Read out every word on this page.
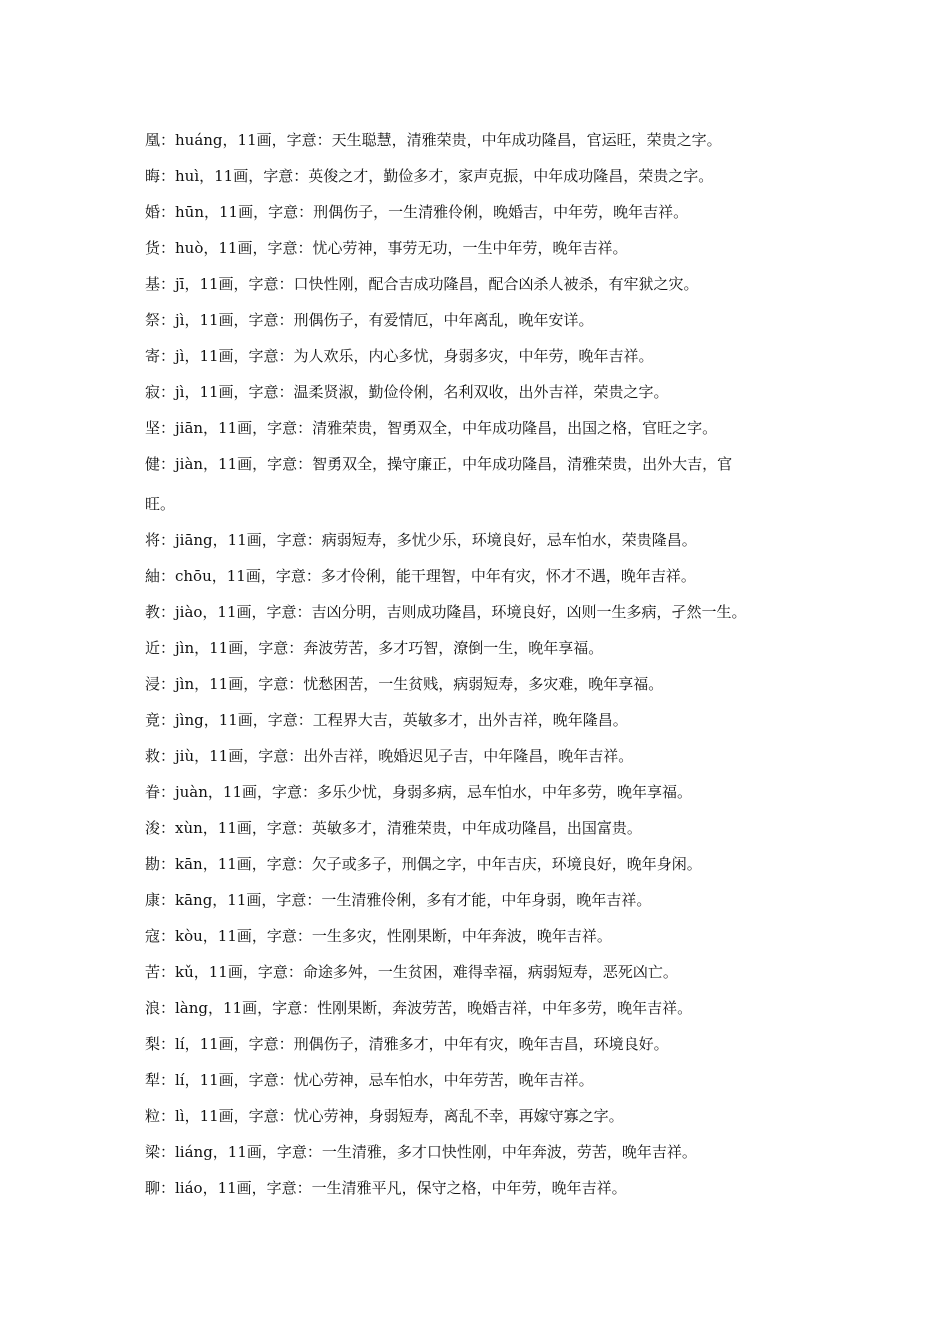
凰：huáng，11画，字意：天生聪慧，清雅荣贵，中年成功隆昌，官运旺，荣贵之字。

晦：huì，11画，字意：英俊之才，勤俭多才，家声克振，中年成功隆昌，荣贵之字。

婚：hūn，11画，字意：刑偶伤子，一生清雅伶俐，晚婚吉，中年劳，晚年吉祥。

货：huò，11画，字意：忧心劳神，事劳无功，一生中年劳，晚年吉祥。

基：jī，11画，字意：口快性刚，配合吉成功隆昌，配合凶杀人被杀，有牢狱之灾。

祭：jì，11画，字意：刑偶伤子，有爱情厄，中年离乱，晚年安详。

寄：jì，11画，字意：为人欢乐，内心多忧，身弱多灾，中年劳，晚年吉祥。

寂：jì，11画，字意：温柔贤淑，勤俭伶俐，名利双收，出外吉祥，荣贵之字。

坚：jiān，11画，字意：清雅荣贵，智勇双全，中年成功隆昌，出国之格，官旺之字。

健：jiàn，11画，字意：智勇双全，操守廉正，中年成功隆昌，清雅荣贵，出外大吉，官
旺。

将：jiāng，11画，字意：病弱短寿，多忧少乐，环境良好，忌车怕水，荣贵隆昌。

紬：chōu，11画，字意：多才伶俐，能干理智，中年有灾，怀才不遇，晚年吉祥。

教：jiào，11画，字意：吉凶分明，吉则成功隆昌，环境良好，凶则一生多病，孑然一生。

近：jìn，11画，字意：奔波劳苦，多才巧智，潦倒一生，晚年享福。

浸：jìn，11画，字意：忧愁困苦，一生贫贱，病弱短寿，多灾难，晚年享福。

竟：jìng，11画，字意：工程界大吉，英敏多才，出外吉祥，晚年隆昌。

救：jiù，11画，字意：出外吉祥，晚婚迟见子吉，中年隆昌，晚年吉祥。

眷：juàn，11画，字意：多乐少忧，身弱多病，忌车怕水，中年多劳，晚年享福。

浚：xùn，11画，字意：英敏多才，清雅荣贵，中年成功隆昌，出国富贵。

勘：kān，11画，字意：欠子或多子，刑偶之字，中年吉庆，环境良好，晚年身闲。

康：kāng，11画，字意：一生清雅伶俐，多有才能，中年身弱，晚年吉祥。

寇：kòu，11画，字意：一生多灾，性刚果断，中年奔波，晚年吉祥。

苦：kǔ，11画，字意：命途多舛，一生贫困，难得幸福，病弱短寿，恶死凶亡。

浪：làng，11画，字意：性刚果断，奔波劳苦，晚婚吉祥，中年多劳，晚年吉祥。

梨：lí，11画，字意：刑偶伤子，清雅多才，中年有灾，晚年吉昌，环境良好。

犁：lí，11画，字意：忧心劳神，忌车怕水，中年劳苦，晚年吉祥。

粒：lì，11画，字意：忧心劳神，身弱短寿，离乱不幸，再嫁守寡之字。

梁：liáng，11画，字意：一生清雅，多才口快性刚，中年奔波，劳苦，晚年吉祥。

聊：liáo，11画，字意：一生清雅平凡，保守之格，中年劳，晚年吉祥。
